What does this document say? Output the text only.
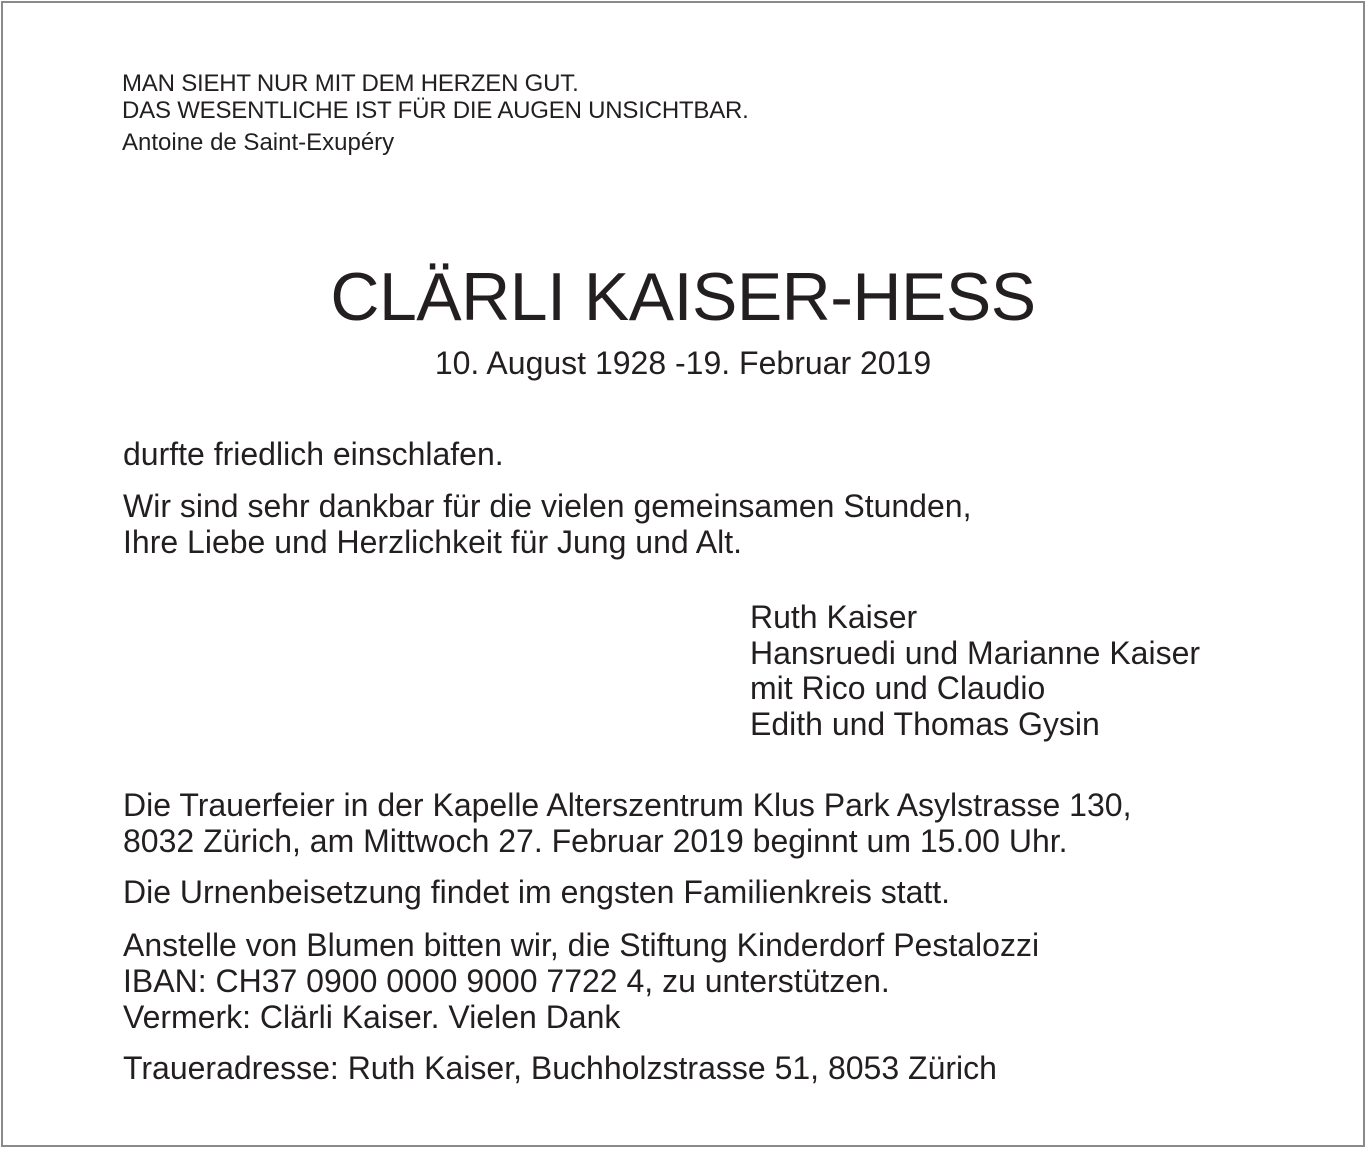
MAN SIEHT NUR MIT DEM HERZEN GUT.
DAS WESENTLICHE IST FÜR DIE AUGEN UNSICHTBAR.
Antoine de Saint-Exupéry
CLÄRLI KAISER-HESS
10. August 1928 -19. Februar 2019
durfte friedlich einschlafen.
Wir sind sehr dankbar für die vielen gemeinsamen Stunden,
Ihre Liebe und Herzlichkeit für Jung und Alt.
Ruth Kaiser
Hansruedi und Marianne Kaiser
mit Rico und Claudio
Edith und Thomas Gysin
Die Trauerfeier in der Kapelle Alterszentrum Klus Park Asylstrasse 130,
8032 Zürich, am Mittwoch 27. Februar 2019 beginnt um 15.00 Uhr.
Die Urnenbeisetzung findet im engsten Familienkreis statt.
Anstelle von Blumen bitten wir, die Stiftung Kinderdorf Pestalozzi
IBAN: CH37 0900 0000 9000 7722 4, zu unterstützen.
Vermerk: Clärli Kaiser. Vielen Dank
Traueradresse: Ruth Kaiser, Buchholzstrasse 51, 8053 Zürich
